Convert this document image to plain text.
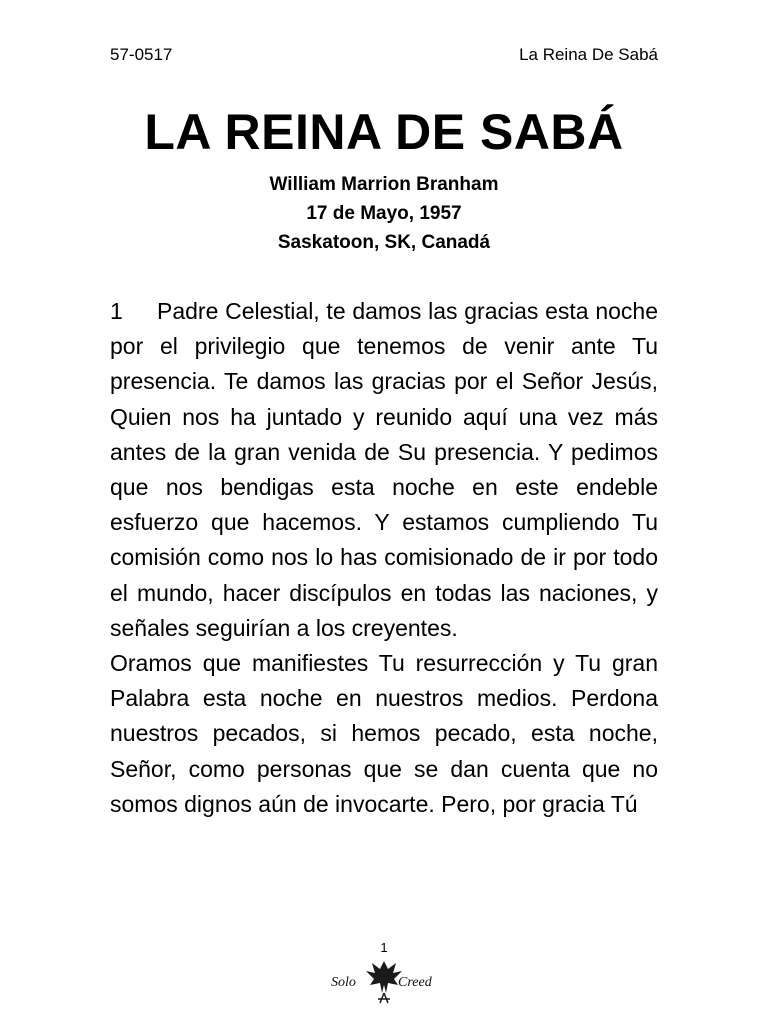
57-0517	La Reina De Sabá
LA REINA DE SABÁ
William Marrion Branham
17 de Mayo, 1957
Saskatoon, SK, Canadá

1 Padre Celestial, te damos las gracias esta noche por el privilegio que tenemos de venir ante Tu presencia. Te damos las gracias por el Señor Jesús, Quien nos ha juntado y reunido aquí una vez más antes de la gran venida de Su presencia. Y pedimos que nos bendigas esta noche en este endeble esfuerzo que hacemos. Y estamos cumpliendo Tu comisión como nos lo has comisionado de ir por todo el mundo, hacer discípulos en todas las naciones, y señales seguirían a los creyentes.

Oramos que manifiestes Tu resurrección y Tu gran Palabra esta noche en nuestros medios. Perdona nuestros pecados, si hemos pecado, esta noche, Señor, como personas que se dan cuenta que no somos dignos aún de invocarte. Pero, por gracia Tú

1
Solo	Creed
